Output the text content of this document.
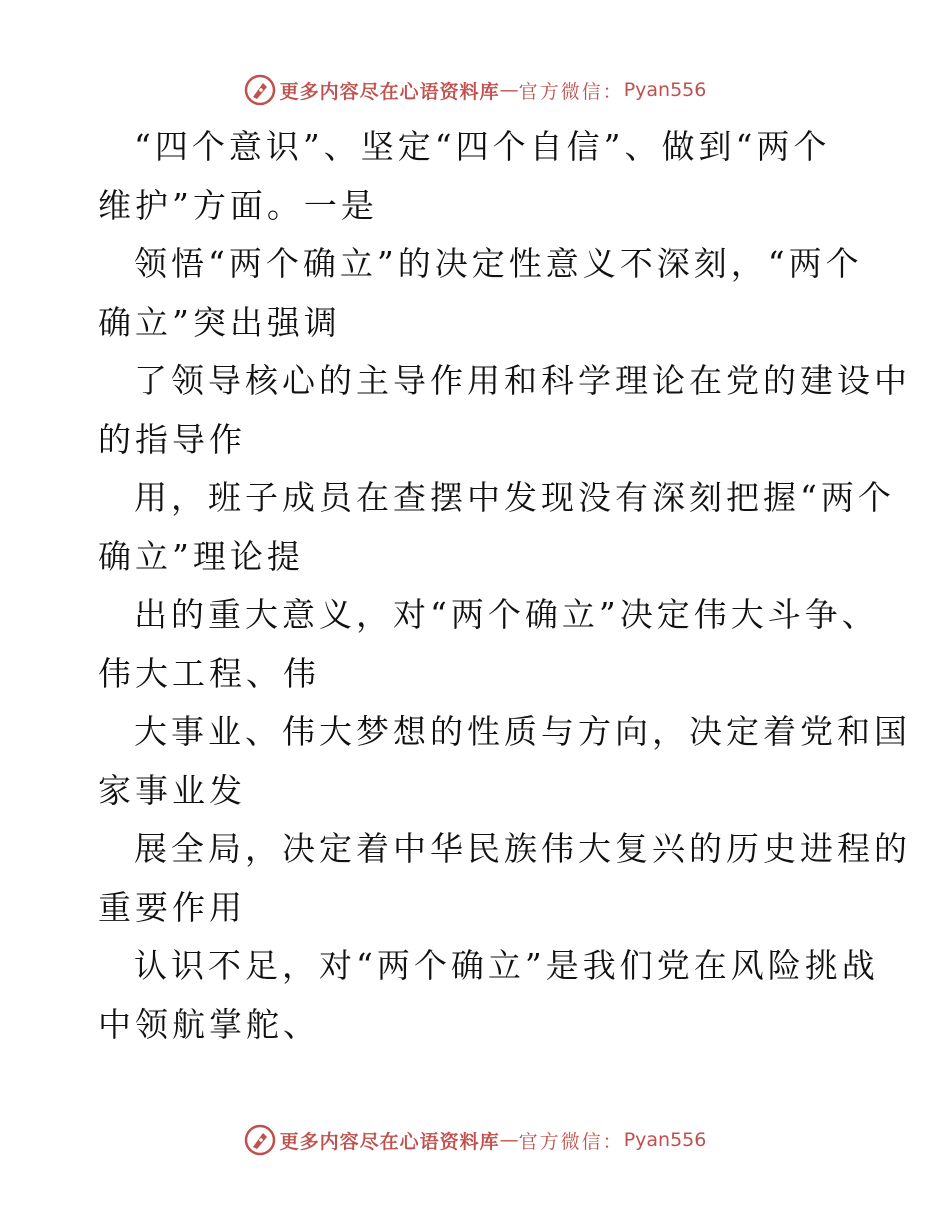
更多内容尽在心语资料库 — 官方微信： Pyan556
“四个意识”、坚定“四个自信”、做到“两个
维护”方面。一是
领悟“两个确立”的决定性意义不深刻，“两个
确立”突出强调
了领导核心的主导作用和科学理论在党的建设中
的指导作
用，班子成员在查摆中发现没有深刻把握“两个
确立”理论提
出的重大意义，对“两个确立”决定伟大斗争、
伟大工程、伟
大事业、伟大梦想的性质与方向，决定着党和国
家事业发
展全局，决定着中华民族伟大复兴的历史进程的
重要作用
认识不足，对“两个确立”是我们党在风险挑战
中领航掌舵、
更多内容尽在心语资料库 — 官方微信： Pyan556
